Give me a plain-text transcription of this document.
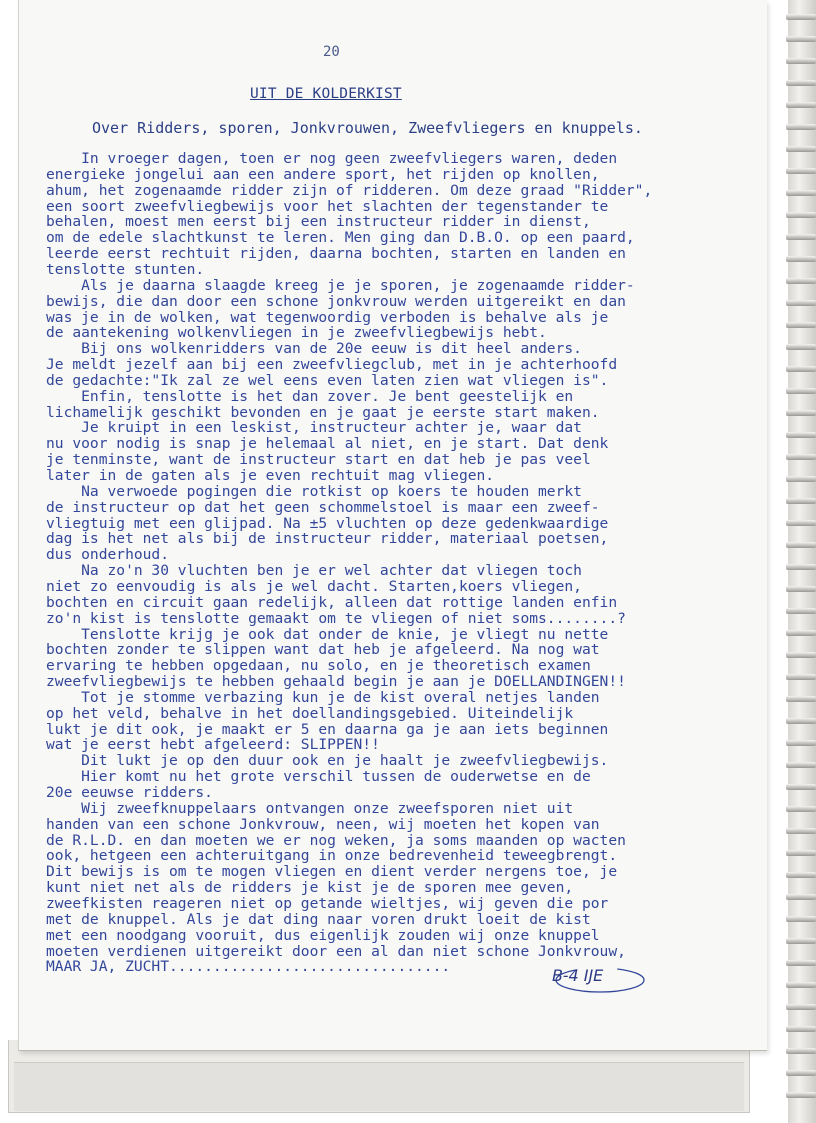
20
UIT DE KOLDERKIST
Over Ridders, sporen, Jonkvrouwen, Zweefvliegers en knuppels.
In vroeger dagen, toen er nog geen zweefvliegers waren, deden
energieke jongelui aan een andere sport, het rijden op knollen,
ahum, het zogenaamde ridder zijn of ridderen. Om deze graad "Ridder",
een soort zweefvliegbewijs voor het slachten der tegenstander te
behalen, moest men eerst bij een instructeur ridder in dienst,
om de edele slachtkunst te leren. Men ging dan D.B.O. op een paard,
leerde eerst rechtuit rijden, daarna bochten, starten en landen en
tenslotte stunten.
Als je daarna slaagde kreeg je je sporen, je zogenaamde ridder-
bewijs, die dan door een schone jonkvrouw werden uitgereikt en dan
was je in de wolken, wat tegenwoordig verboden is behalve als je
de aantekening wolkenvliegen in je zweefvliegbewijs hebt.
Bij ons wolkenridders van de 20e eeuw is dit heel anders.
Je meldt jezelf aan bij een zweefvliegclub, met in je achterhoofd
de gedachte:"Ik zal ze wel eens even laten zien wat vliegen is".
Enfin, tenslotte is het dan zover. Je bent geestelijk en
lichamelijk geschikt bevonden en je gaat je eerste start maken.
Je kruipt in een leskist, instructeur achter je, waar dat
nu voor nodig is snap je helemaal al niet, en je start. Dat denk
je tenminste, want de instructeur start en dat heb je pas veel
later in de gaten als je even rechtuit mag vliegen.
Na verwoede pogingen die rotkist op koers te houden merkt
de instructeur op dat het geen schommelstoel is maar een zweef-
vliegtuig met een glijpad. Na ±5 vluchten op deze gedenkwaardige
dag is het net als bij de instructeur ridder, materiaal poetsen,
dus onderhoud.
Na zo'n 30 vluchten ben je er wel achter dat vliegen toch
niet zo eenvoudig is als je wel dacht. Starten,koers vliegen,
bochten en circuit gaan redelijk, alleen dat rottige landen enfin
zo'n kist is tenslotte gemaakt om te vliegen of niet soms........?
Tenslotte krijg je ook dat onder de knie, je vliegt nu nette
bochten zonder te slippen want dat heb je afgeleerd. Na nog wat
ervaring te hebben opgedaan, nu solo, en je theoretisch examen
zweefvliegbewijs te hebben gehaald begin je aan je DOELLANDINGEN!!
Tot je stomme verbazing kun je de kist overal netjes landen
op het veld, behalve in het doellandingsgebied. Uiteindelijk
lukt je dit ook, je maakt er 5 en daarna ga je aan iets beginnen
wat je eerst hebt afgeleerd: SLIPPEN!!
Dit lukt je op den duur ook en je haalt je zweefvliegbewijs.
Hier komt nu het grote verschil tussen de ouderwetse en de
20e eeuwse ridders.
Wij zweefknuppelaars ontvangen onze zweefsporen niet uit
handen van een schone Jonkvrouw, neen, wij moeten het kopen van
de R.L.D. en dan moeten we er nog weken, ja soms maanden op wacten
ook, hetgeen een achteruitgang in onze bedrevenheid teweegbrengt.
Dit bewijs is om te mogen vliegen en dient verder nergens toe, je
kunt niet net als de ridders je kist je de sporen mee geven,
zweefkisten reageren niet op getande wieltjes, wij geven die por
met de knuppel. Als je dat ding naar voren drukt loeit de kist
met een noodgang vooruit, dus eigenlijk zouden wij onze knuppel
moeten verdienen uitgereikt door een al dan niet schone Jonkvrouw,
MAAR JA, ZUCHT................................	B-4 IJE
